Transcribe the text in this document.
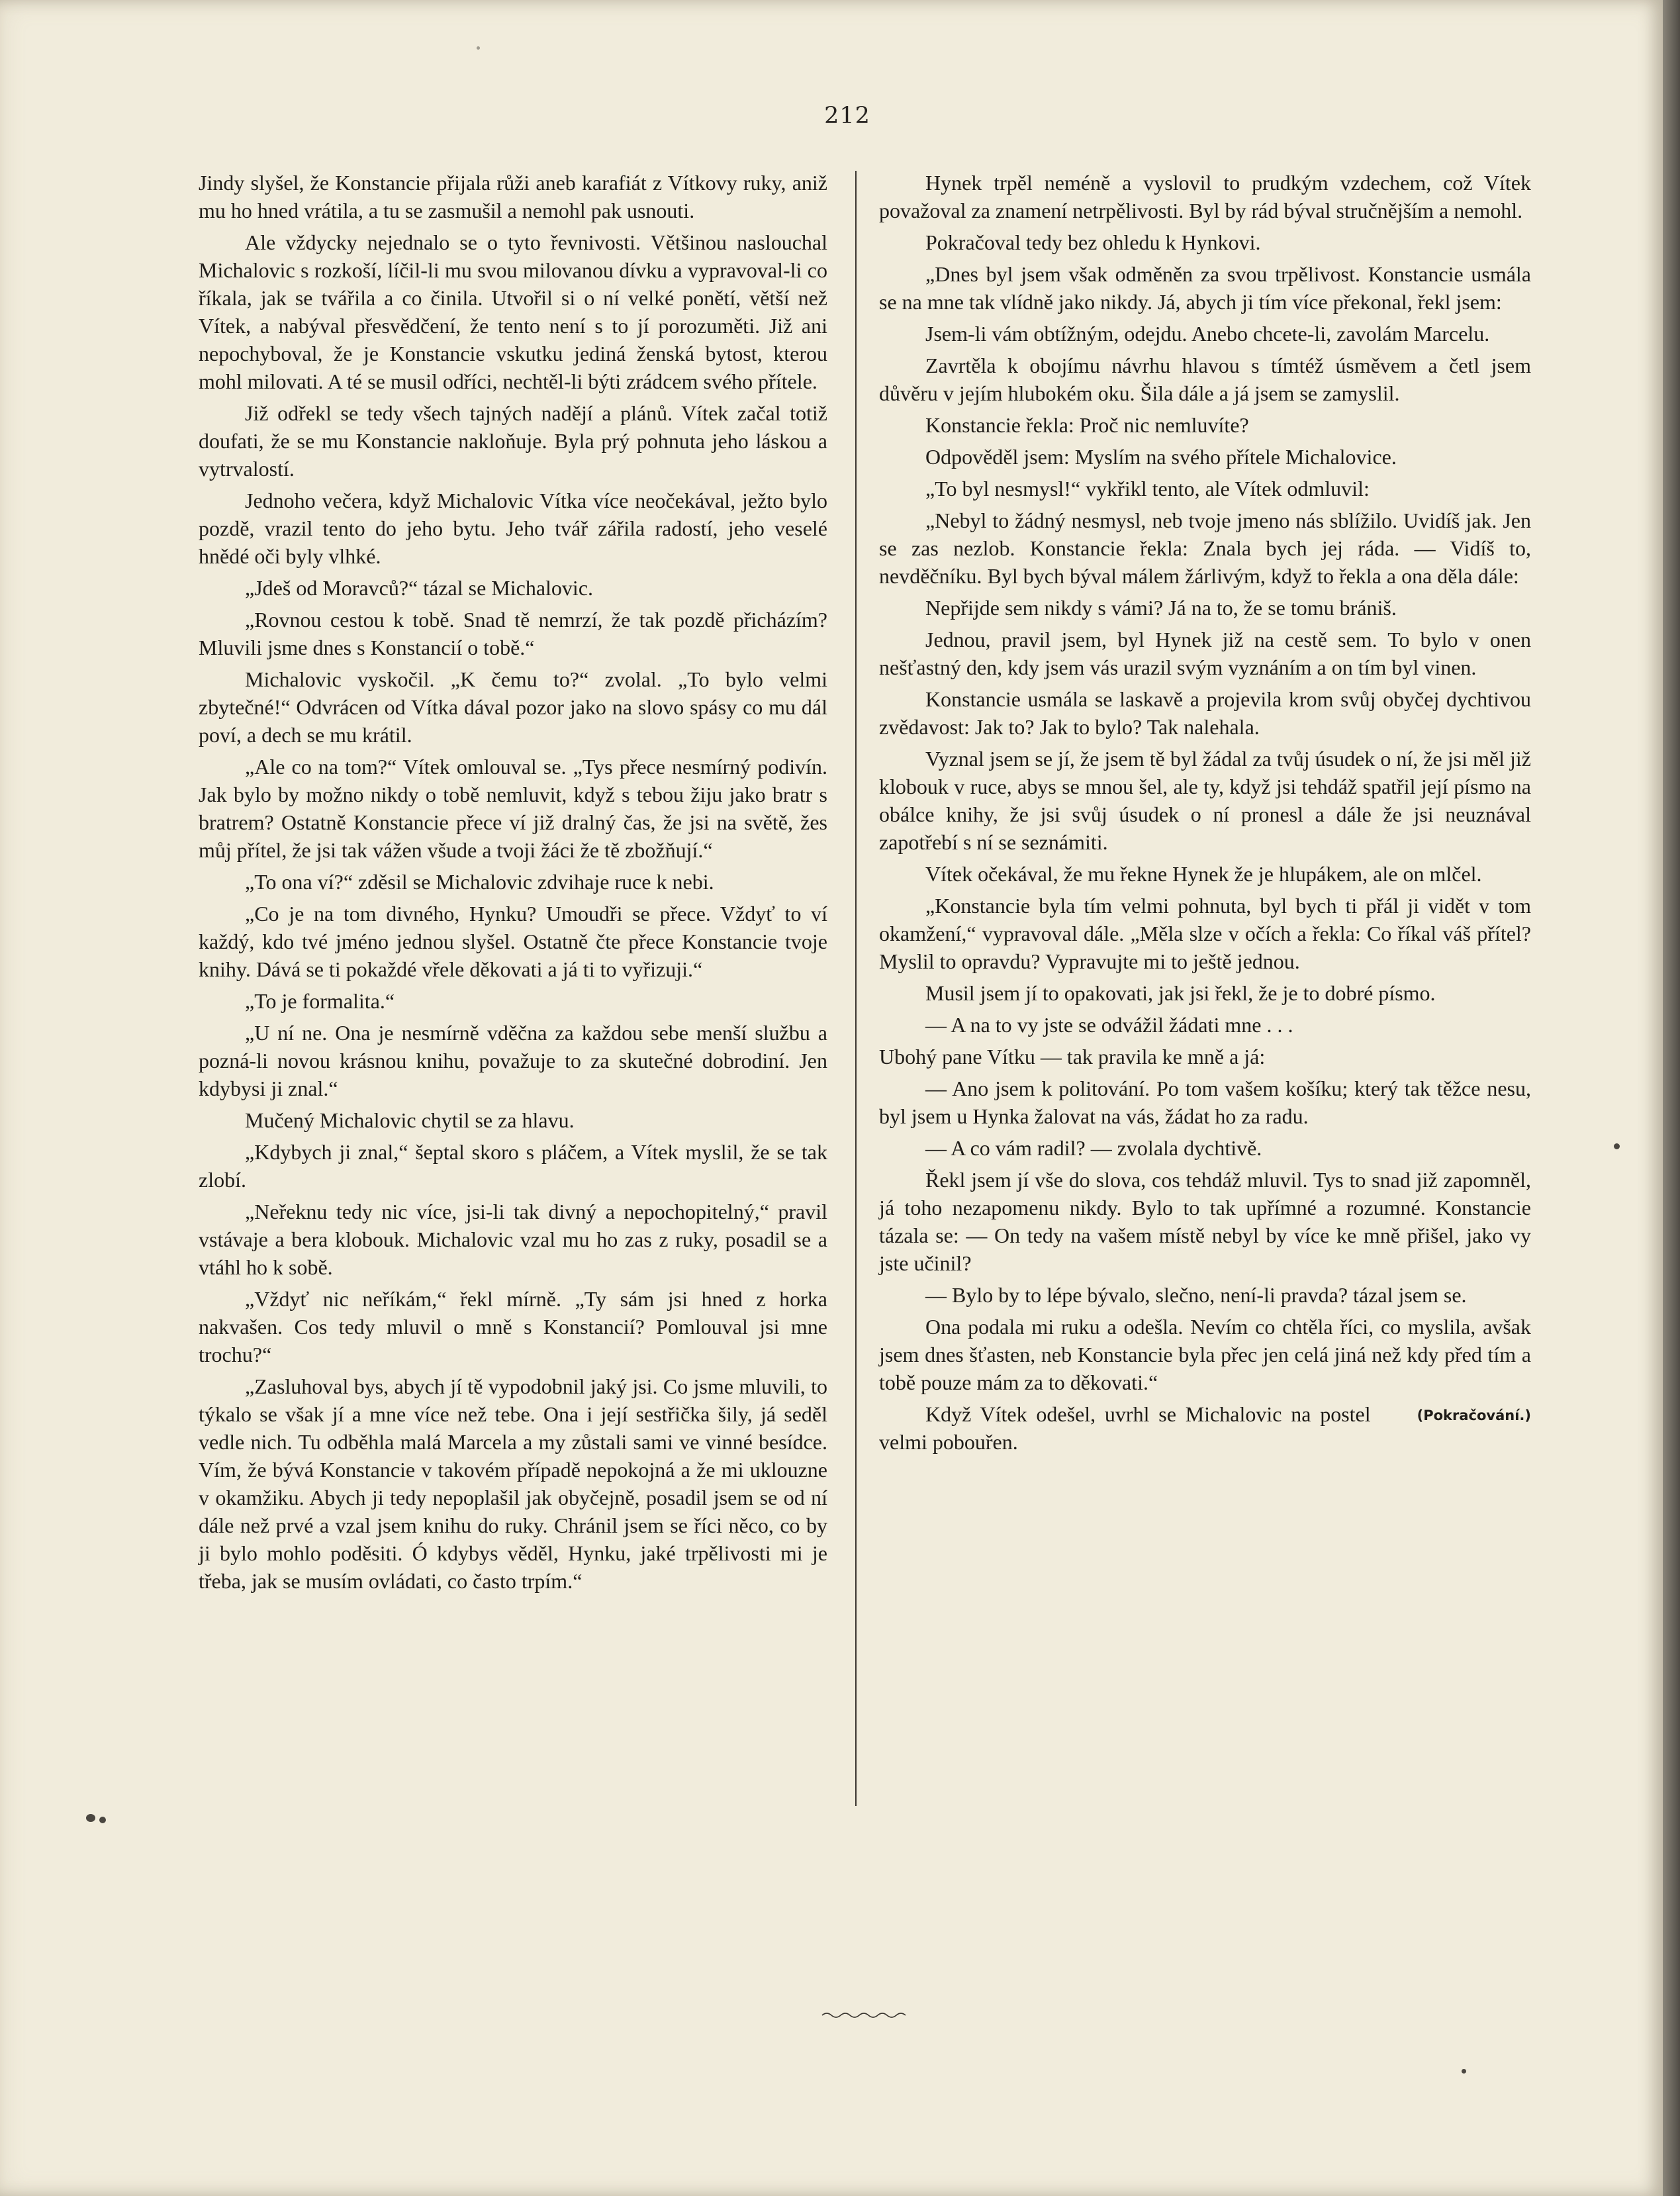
212

Jindy slyšel, že Konstancie přijala růži aneb karafiát z Vítkovy ruky, aniž mu ho hned vrátila, a tu se zasmušil a nemohl pak usnouti.

Ale vždycky nejednalo se o tyto řevnivosti. Většinou naslouchal Michalovic s rozkoší, líčil-li mu svou milovanou dívku a vypravoval-li co říkala, jak se tvářila a co činila. Utvořil si o ní velké ponětí, větší než Vítek, a nabýval přesvědčení, že tento není s to jí porozuměti. Již ani nepochyboval, že je Konstancie vskutku jediná ženská bytost, kterou mohl milovati. A té se musil odříci, nechtěl-li býti zrádcem svého přítele.

Již odřekl se tedy všech tajných nadějí a plánů. Vítek začal totiž doufati, že se mu Konstancie nakloňuje. Byla prý pohnuta jeho láskou a vytrvalostí.

Jednoho večera, když Michalovic Vítka více neočekával, ježto bylo pozdě, vrazil tento do jeho bytu. Jeho tvář zářila radostí, jeho veselé hnědé oči byly vlhké.

„Jdeš od Moravců?“ tázal se Michalovic.

„Rovnou cestou k tobě. Snad tě nemrzí, že tak pozdě přicházím? Mluvili jsme dnes s Konstancií o tobě.“

Michalovic vyskočil. „K čemu to?“ zvolal. „To bylo velmi zbytečné!“ Odvrácen od Vítka dával pozor jako na slovo spásy co mu dál poví, a dech se mu krátil.

„Ale co na tom?“ Vítek omlouval se. „Tys přece nesmírný podivín. Jak bylo by možno nikdy o tobě nemluvit, když s tebou žiju jako bratr s bratrem? Ostatně Konstancie přece ví již dralný čas, že jsi na světě, žes můj přítel, že jsi tak vážen všude a tvoji žáci že tě zbožňují.“

„To ona ví?“ zděsil se Michalovic zdvihaje ruce k nebi.

„Co je na tom divného, Hynku? Umoudři se přece. Vždyť to ví každý, kdo tvé jméno jednou slyšel. Ostatně čte přece Konstancie tvoje knihy. Dává se ti pokaždé vřele děkovati a já ti to vyřizuji.“

„To je formalita.“

„U ní ne. Ona je nesmírně vděčna za každou sebe menší službu a pozná-li novou krásnou knihu, považuje to za skutečné dobrodiní. Jen kdybysi ji znal.“

Mučený Michalovic chytil se za hlavu.

„Kdybych ji znal,“ šeptal skoro s pláčem, a Vítek myslil, že se tak zlobí.

„Neřeknu tedy nic více, jsi-li tak divný a nepochopitelný,“ pravil vstávaje a bera klobouk. Michalovic vzal mu ho zas z ruky, posadil se a vtáhl ho k sobě.

„Vždyť nic neříkám,“ řekl mírně. „Ty sám jsi hned z horka nakvašen. Cos tedy mluvil o mně s Konstancií? Pomlouval jsi mne trochu?“

„Zasluhoval bys, abych jí tě vypodobnil jaký jsi. Co jsme mluvili, to týkalo se však jí a mne více než tebe. Ona i její sestřička šily, já seděl vedle nich. Tu odběhla malá Marcela a my zůstali sami ve vinné besídce. Vím, že bývá Konstancie v takovém případě nepokojná a že mi uklouzne v okamžiku. Abych ji tedy nepoplašil jak obyčejně, posadil jsem se od ní dále než prvé a vzal jsem knihu do ruky. Chránil jsem se říci něco, co by ji bylo mohlo poděsiti. Ó kdybys věděl, Hynku, jaké trpělivosti mi je třeba, jak se musím ovládati, co často trpím.“

Hynek trpěl neméně a vyslovil to prudkým vzdechem, což Vítek považoval za znamení netrpělivosti. Byl by rád býval stručnějším a nemohl.

Pokračoval tedy bez ohledu k Hynkovi.

„Dnes byl jsem však odměněn za svou trpělivost. Konstancie usmála se na mne tak vlídně jako nikdy. Já, abych ji tím více překonal, řekl jsem:

Jsem-li vám obtížným, odejdu. Anebo chcete-li, zavolám Marcelu.

Zavrtěla k obojímu návrhu hlavou s tímtéž úsměvem a četl jsem důvěru v jejím hlubokém oku. Šila dále a já jsem se zamyslil.

Konstancie řekla: Proč nic nemluvíte?

Odpověděl jsem: Myslím na svého přítele Michalovice.

„To byl nesmysl!“ vykřikl tento, ale Vítek odmluvil:

„Nebyl to žádný nesmysl, neb tvoje jmeno nás sblížilo. Uvidíš jak. Jen se zas nezlob. Konstancie řekla: Znala bych jej ráda. — Vidíš to, nevděčníku. Byl bych býval málem žárlivým, když to řekla a ona děla dále:

Nepřijde sem nikdy s vámi? Já na to, že se tomu brániš.

Jednou, pravil jsem, byl Hynek již na cestě sem. To bylo v onen nešťastný den, kdy jsem vás urazil svým vyznáním a on tím byl vinen.

Konstancie usmála se laskavě a projevila krom svůj obyčej dychtivou zvědavost: Jak to? Jak to bylo? Tak nalehala.

Vyznal jsem se jí, že jsem tě byl žádal za tvůj úsudek o ní, že jsi měl již klobouk v ruce, abys se mnou šel, ale ty, když jsi tehdáž spatřil její písmo na obálce knihy, že jsi svůj úsudek o ní pronesl a dále že jsi neuznával zapotřebí s ní se seznámiti.

Vítek očekával, že mu řekne Hynek že je hlupákem, ale on mlčel.

„Konstancie byla tím velmi pohnuta, byl bych ti přál ji vidět v tom okamžení,“ vypravoval dále. „Měla slze v očích a řekla: Co říkal váš přítel? Myslil to opravdu? Vypravujte mi to ještě jednou.

Musil jsem jí to opakovati, jak jsi řekl, že je to dobré písmo.

— A na to vy jste se odvážil žádati mne . . .

Ubohý pane Vítku — tak pravila ke mně a já:

— Ano jsem k politování. Po tom vašem košíku; který tak těžce nesu, byl jsem u Hynka žalovat na vás, žádat ho za radu.

— A co vám radil? — zvolala dychtivě.

Řekl jsem jí vše do slova, cos tehdáž mluvil. Tys to snad již zapomněl, já toho nezapomenu nikdy. Bylo to tak upřímné a rozumné. Konstancie tázala se: — On tedy na vašem místě nebyl by více ke mně přišel, jako vy jste učinil?

— Bylo by to lépe bývalo, slečno, není-li pravda? tázal jsem se.

Ona podala mi ruku a odešla. Nevím co chtěla říci, co myslila, avšak jsem dnes šťasten, neb Konstancie byla přec jen celá jiná než kdy před tím a tobě pouze mám za to děkovati.“

(Pokračování.)
Když Vítek odešel, uvrhl se Michalovic na postel velmi pobouřen.
